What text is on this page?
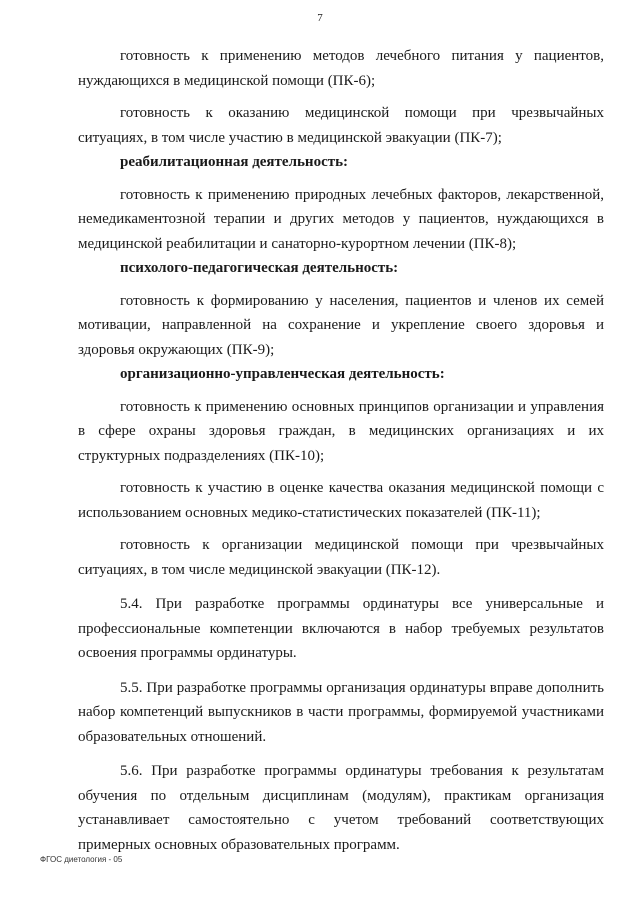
7

готовность к применению методов лечебного питания у пациентов, нуждающихся в медицинской помощи (ПК-6);

готовность к оказанию медицинской помощи при чрезвычайных ситуациях, в том числе участию в медицинской эвакуации (ПК-7);

реабилитационная деятельность:

готовность к применению природных лечебных факторов, лекарственной, немедикаментозной терапии и других методов у пациентов, нуждающихся в медицинской реабилитации и санаторно-курортном лечении (ПК-8);

психолого-педагогическая деятельность:

готовность к формированию у населения, пациентов и членов их семей мотивации, направленной на сохранение и укрепление своего здоровья и здоровья окружающих (ПК-9);

организационно-управленческая деятельность:

готовность к применению основных принципов организации и управления в сфере охраны здоровья граждан, в медицинских организациях и их структурных подразделениях (ПК-10);

готовность к участию в оценке качества оказания медицинской помощи с использованием основных медико-статистических показателей (ПК-11);

готовность к организации медицинской помощи при чрезвычайных ситуациях, в том числе медицинской эвакуации (ПК-12).

5.4. При разработке программы ординатуры все универсальные и профессиональные компетенции включаются в набор требуемых результатов освоения программы ординатуры.

5.5. При разработке программы организация ординатуры вправе дополнить набор компетенций выпускников в части программы, формируемой участниками образовательных отношений.

5.6. При разработке программы ординатуры требования к результатам обучения по отдельным дисциплинам (модулям), практикам организация устанавливает самостоятельно с учетом требований соответствующих примерных основных образовательных программ.

ФГОС диетология - 05
